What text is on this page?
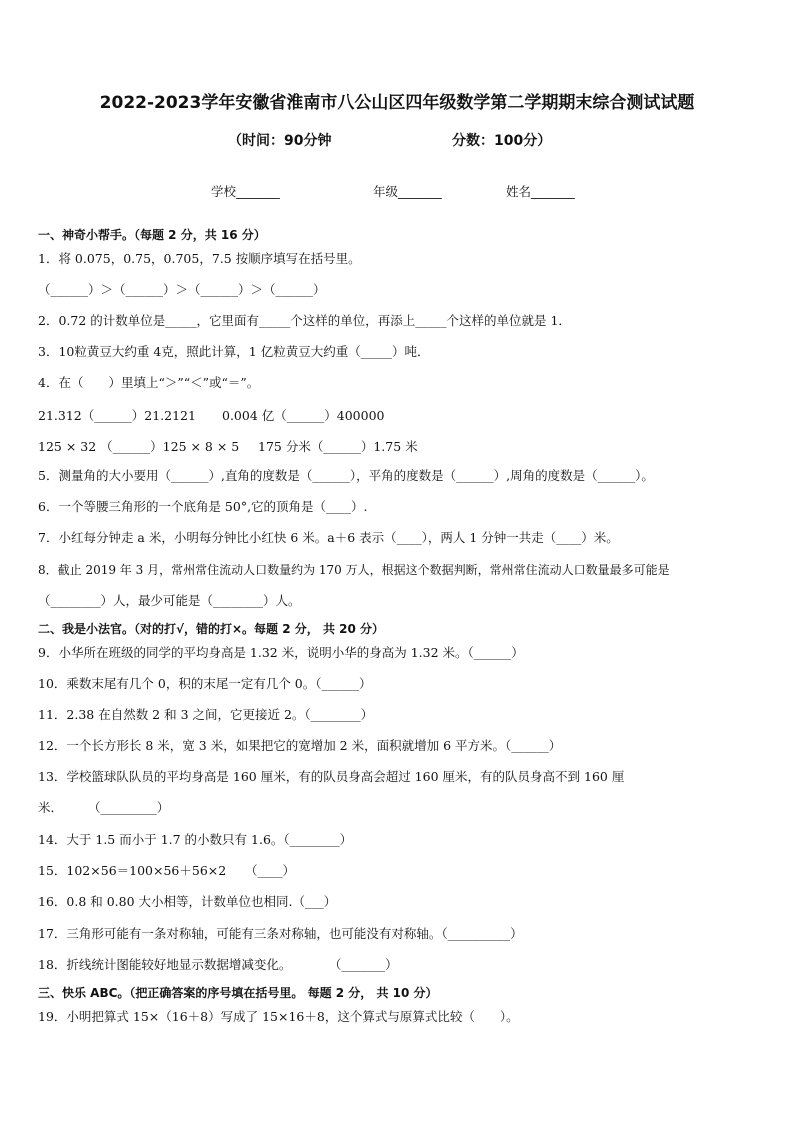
2022-2023学年安徽省淮南市八公山区四年级数学第二学期期末综合测试试题
（时间：90分钟	分数：100分）
学校_______	年级_______	姓名_______
一、神奇小帮手。（每题 2 分，共 16 分）
1．将 0.075，0.75，0.705，7.5 按顺序填写在括号里。
（______）＞（______）＞（______）＞（______）
2．0.72 的计数单位是_____，它里面有_____个这样的单位，再添上_____个这样的单位就是 1．
3．10粒黄豆大约重 4克，照此计算，1 亿粒黄豆大约重（_____）吨．
4．在（　　）里填上“＞”“＜”或“＝”。
21.312（______）21.2121 0.004 亿（______）400000
125 × 32 （______）125 × 8 × 5 175 分米（______）1.75 米
5．测量角的大小要用（______）,直角的度数是（______），平角的度数是（______）,周角的度数是（______）。
6．一个等腰三角形的一个底角是 50°,它的顶角是（____）.
7．小红每分钟走 a 米，小明每分钟比小红快 6 米。a＋6 表示（____），两人 1 分钟一共走（____）米。
8．截止 2019 年 3 月，常州常住流动人口数量约为 170 万人，根据这个数据判断，常州常住流动人口数量最多可能是
（________）人，最少可能是（________）人。
二、我是小法官。（对的打√，错的打×。每题 2 分， 共 20 分）
9．小华所在班级的同学的平均身高是 1.32 米，说明小华的身高为 1.32 米。（______）
10．乘数末尾有几个 0，积的末尾一定有几个 0。（______）
11．2.38 在自然数 2 和 3 之间，它更接近 2。（________）
12．一个长方形长 8 米，宽 3 米，如果把它的宽增加 2 米，面积就增加 6 平方米。（______）
13．学校篮球队队员的平均身高是 160 厘米，有的队员身高会超过 160 厘米，有的队员身高不到 160 厘
米．　　　（_________）
14．大于 1.5 而小于 1.7 的小数只有 1.6。（________）
15．102×56＝100×56＋56×2　　（____）
16．0.8 和 0.80 大小相等，计数单位也相同.（___）
17．三角形可能有一条对称轴，可能有三条对称轴，也可能没有对称轴。（__________）
18．折线统计图能较好地显示数据增减变化。　　　　（_______）
三、快乐 ABC。（把正确答案的序号填在括号里。 每题 2 分， 共 10 分）
19．小明把算式 15×（16＋8）写成了 15×16＋8，这个算式与原算式比较（　　）。
